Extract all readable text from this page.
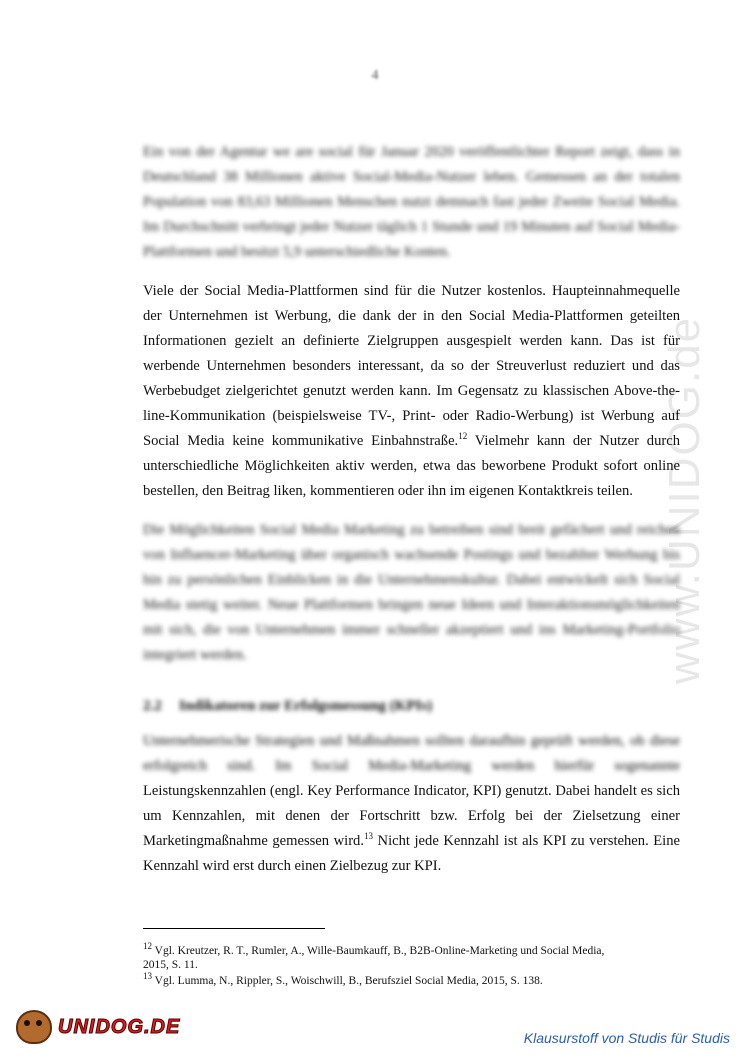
4
www.UNIDOG.de

Ein von der Agentur we are social für Januar 2020 veröffentlichter Report zeigt, dass in Deutschland 38 Millionen aktive Social-Media-Nutzer leben. Gemessen an der totalen Population von 83,63 Millionen Menschen nutzt demnach fast jeder Zweite Social Media. Im Durchschnitt verbringt jeder Nutzer täglich 1 Stunde und 19 Minuten auf Social Media-Plattformen und besitzt 5,9 unterschiedliche Konten.

Viele der Social Media-Plattformen sind für die Nutzer kostenlos. Haupteinnahmequelle der Unternehmen ist Werbung, die dank der in den Social Media-Plattformen geteilten Informationen gezielt an definierte Zielgruppen ausgespielt werden kann. Das ist für werbende Unternehmen besonders interessant, da so der Streuverlust reduziert und das Werbebudget zielgerichtet genutzt werden kann. Im Gegensatz zu klassischen Above-the-line-Kommunikation (beispielsweise TV-, Print- oder Radio-Werbung) ist Werbung auf Social Media keine kommunikative Einbahnstraße.$^{12}$ Vielmehr kann der Nutzer durch unterschiedliche Möglichkeiten aktiv werden, etwa das beworbene Produkt sofort online bestellen, den Beitrag liken, kommentieren oder ihn im eigenen Kontaktkreis teilen.

Die Möglichkeiten Social Media Marketing zu betreiben sind breit gefächert und reichen von Influencer-Marketing über organisch wachsende Postings und bezahlter Werbung bis hin zu persönlichen Einblicken in die Unternehmenskultur. Dabei entwickelt sich Social Media stetig weiter. Neue Plattformen bringen neue Ideen und Interaktionsmöglichkeiten mit sich, die von Unternehmen immer schneller akzeptiert und ins Marketing-Portfolio integriert werden.

2.2 Indikatoren zur Erfolgsmessung (KPIs)

Unternehmerische Strategien und Maßnahmen sollten daraufhin geprüft werden, ob diese erfolgreich sind. Im Social Media-Marketing werden hierfür sogenannte Leistungskennzahlen (engl. Key Performance Indicator, KPI) genutzt. Dabei handelt es sich um Kennzahlen, mit denen der Fortschritt bzw. Erfolg bei der Zielsetzung einer Marketingmaßnahme gemessen wird.$^{13}$ Nicht jede Kennzahl ist als KPI zu verstehen. Eine Kennzahl wird erst durch einen Zielbezug zur KPI.

$^{12}$ Vgl. Kreutzer, R. T., Rumler, A., Wille-Baumkauff, B., B2B-Online-Marketing und Social Media,
2015, S. 11.
$^{13}$ Vgl. Lumma, N., Rippler, S., Woischwill, B., Berufsziel Social Media, 2015, S. 138.
UNIDOG.DE
Klausurstoff von Studis für Studis
